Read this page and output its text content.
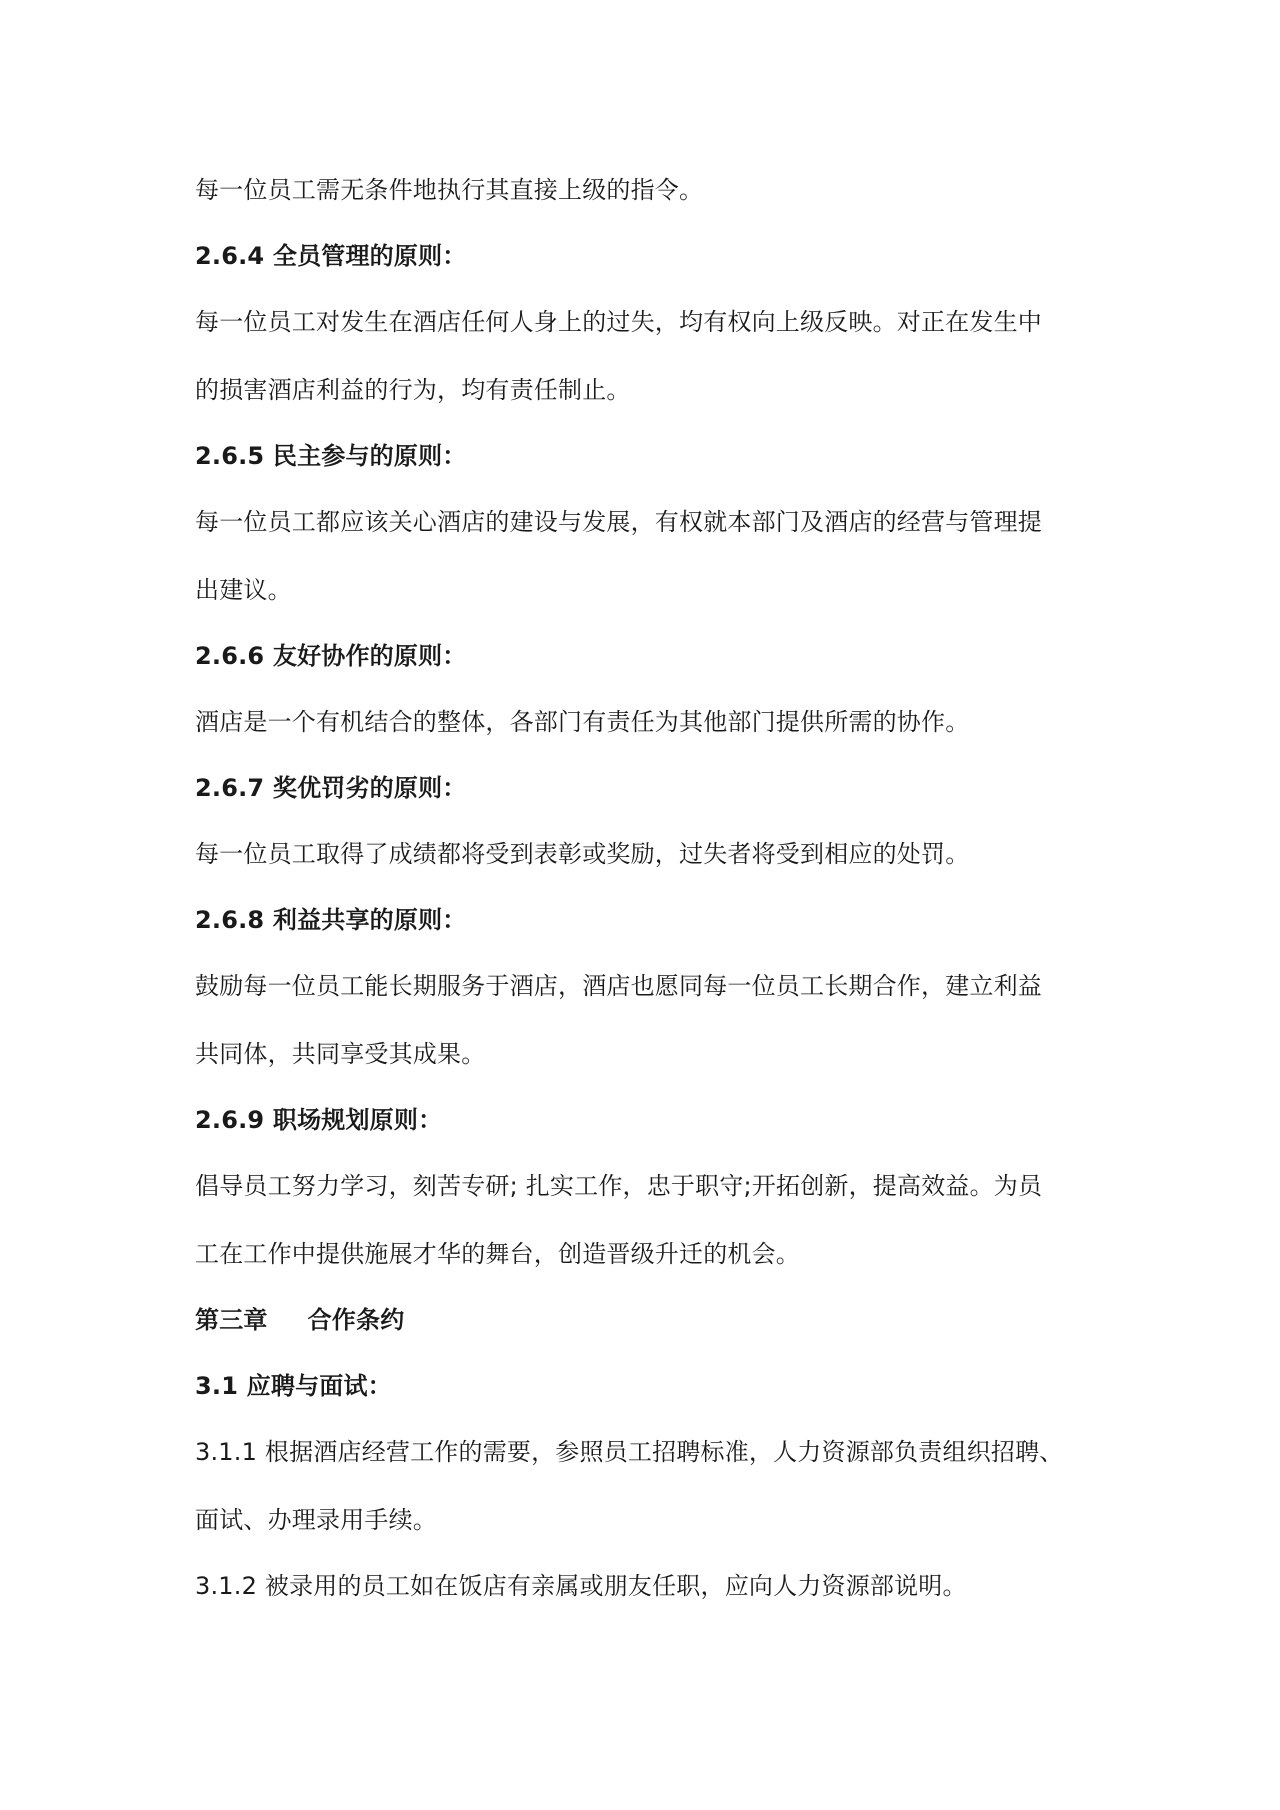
每一位员工需无条件地执行其直接上级的指令。
2.6.4 全员管理的原则：
每一位员工对发生在酒店任何人身上的过失，均有权向上级反映。对正在发生中
的损害酒店利益的行为，均有责任制止。
2.6.5 民主参与的原则：
每一位员工都应该关心酒店的建设与发展，有权就本部门及酒店的经营与管理提
出建议。
2.6.6 友好协作的原则：
酒店是一个有机结合的整体，各部门有责任为其他部门提供所需的协作。
2.6.7 奖优罚劣的原则：
每一位员工取得了成绩都将受到表彰或奖励，过失者将受到相应的处罚。
2.6.8 利益共享的原则：
鼓励每一位员工能长期服务于酒店，酒店也愿同每一位员工长期合作，建立利益
共同体，共同享受其成果。
2.6.9 职场规划原则：
倡导员工努力学习，刻苦专研; 扎实工作，忠于职守;开拓创新，提高效益。为员
工在工作中提供施展才华的舞台，创造晋级升迁的机会。
第三章 合作条约
3.1 应聘与面试：
3.1.1 根据酒店经营工作的需要，参照员工招聘标准，人力资源部负责组织招聘、
面试、办理录用手续。
3.1.2 被录用的员工如在饭店有亲属或朋友任职，应向人力资源部说明。
